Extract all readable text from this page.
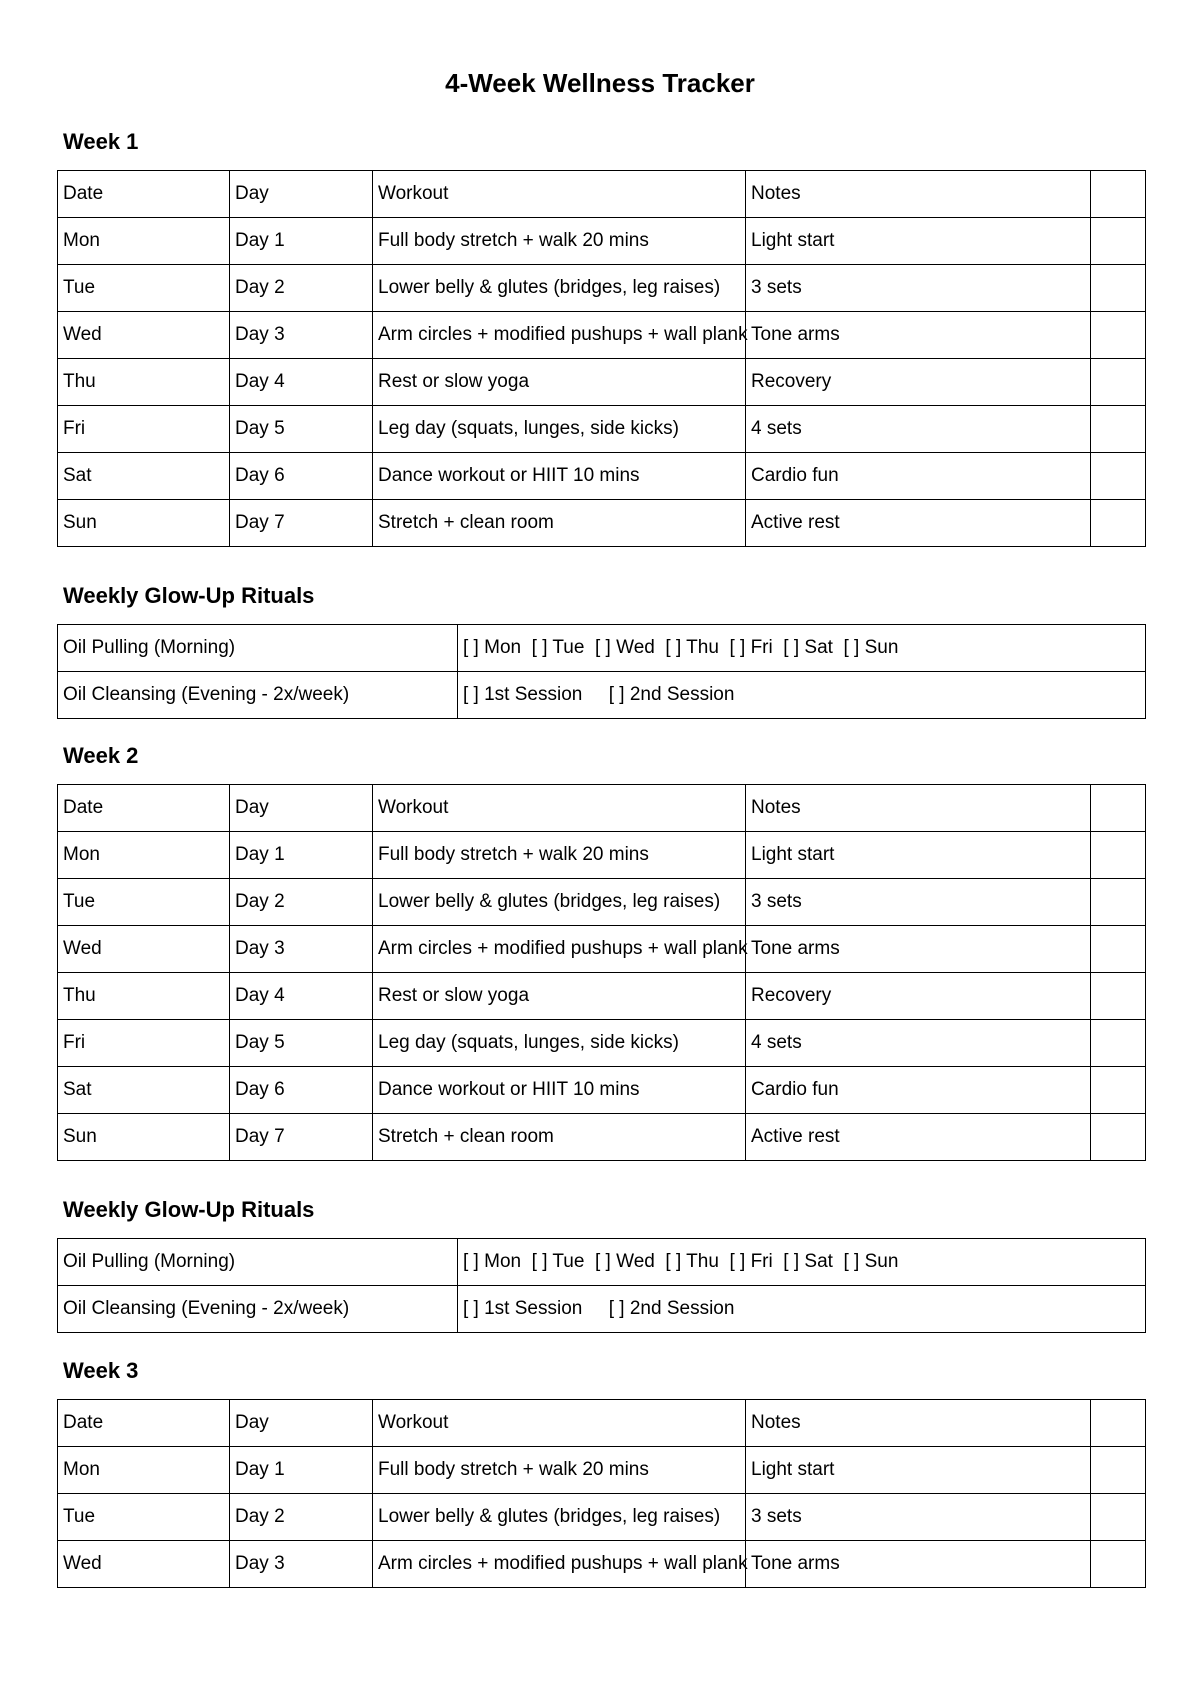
4-Week Wellness Tracker
Week 1
Date	Day	Workout	Notes	
Mon	Day 1	Full body stretch + walk 20 mins	Light start	
Tue	Day 2	Lower belly & glutes (bridges, leg raises)	3 sets	
Wed	Day 3	Arm circles + modified pushups + wall plank	Tone arms	
Thu	Day 4	Rest or slow yoga	Recovery	
Fri	Day 5	Leg day (squats, lunges, side kicks)	4 sets	
Sat	Day 6	Dance workout or HIIT 10 mins	Cardio fun	
Sun	Day 7	Stretch + clean room	Active rest	
Weekly Glow-Up Rituals
Oil Pulling (Morning)	[ ] Mon  [ ] Tue  [ ] Wed  [ ] Thu  [ ] Fri  [ ] Sat  [ ] Sun
Oil Cleansing (Evening - 2x/week)	[ ] 1st Session     [ ] 2nd Session
Week 2
Date	Day	Workout	Notes	
Mon	Day 1	Full body stretch + walk 20 mins	Light start	
Tue	Day 2	Lower belly & glutes (bridges, leg raises)	3 sets	
Wed	Day 3	Arm circles + modified pushups + wall plank	Tone arms	
Thu	Day 4	Rest or slow yoga	Recovery	
Fri	Day 5	Leg day (squats, lunges, side kicks)	4 sets	
Sat	Day 6	Dance workout or HIIT 10 mins	Cardio fun	
Sun	Day 7	Stretch + clean room	Active rest	
Weekly Glow-Up Rituals
Oil Pulling (Morning)	[ ] Mon  [ ] Tue  [ ] Wed  [ ] Thu  [ ] Fri  [ ] Sat  [ ] Sun
Oil Cleansing (Evening - 2x/week)	[ ] 1st Session     [ ] 2nd Session
Week 3
Date	Day	Workout	Notes	
Mon	Day 1	Full body stretch + walk 20 mins	Light start	
Tue	Day 2	Lower belly & glutes (bridges, leg raises)	3 sets	
Wed	Day 3	Arm circles + modified pushups + wall plank	Tone arms	
